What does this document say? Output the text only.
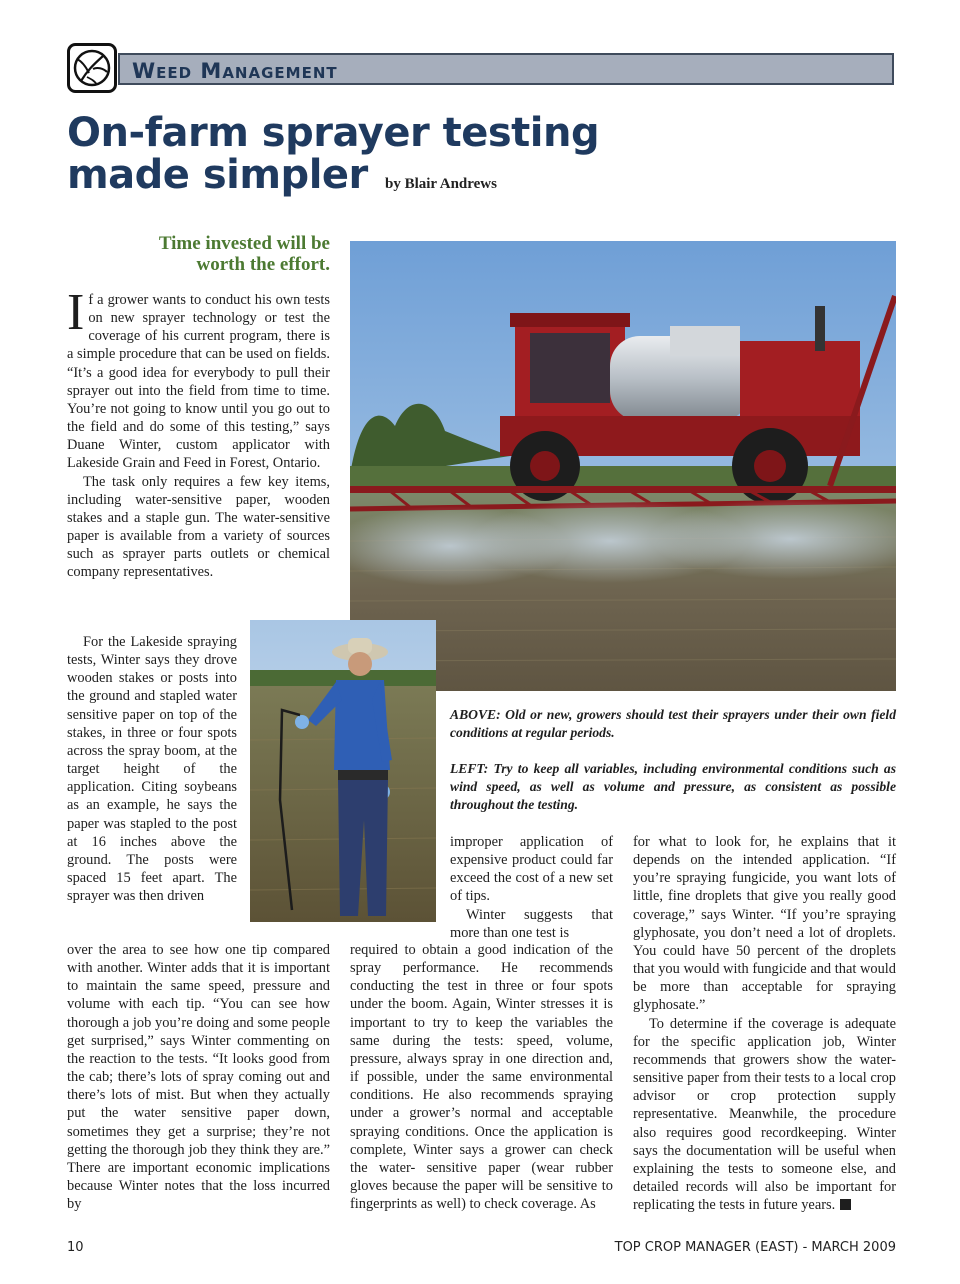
Weed Management
On-farm sprayer testing
made simpler	by Blair Andrews
Time invested will be
worth the effort.

If a grower wants to conduct his own tests on new sprayer technology or test the coverage of his current program, there is a simple procedure that can be used on fields. “It’s a good idea for everybody to pull their sprayer out into the field from time to time. You’re not going to know until you go out to the field and do some of this testing,” says Duane Winter, custom applicator with Lakeside Grain and Feed in Forest, Ontario.

The task only requires a few key items, including water-sensitive paper, wooden stakes and a staple gun. The water-sensitive paper is available from a variety of sources such as sprayer parts outlets or chemical company representatives.

For the Lakeside spraying tests, Winter says they drove wooden stakes or posts into the ground and stapled water sensitive paper on top of the stakes, in three or four spots across the spray boom, at the target height of the application. Citing soybeans as an example, he says the paper was stapled to the post at 16 inches above the ground. The posts were spaced 15 feet apart. The sprayer was then driven

over the area to see how one tip compared with another. Winter adds that it is important to maintain the same speed, pressure and volume with each tip. “You can see how thorough a job you’re doing and some people get surprised,” says Winter commenting on the reaction to the tests. “It looks good from the cab; there’s lots of spray coming out and there’s lots of mist. But when they actually put the water sensitive paper down, sometimes they get a surprise; they’re not getting the thorough job they think they are.” There are important economic implications because Winter notes that the loss incurred by

improper application of expensive product could far exceed the cost of a new set of tips.

Winter suggests that more than one test is

required to obtain a good indication of the spray performance. He recommends conducting the test in three or four spots under the boom. Again, Winter stresses it is important to try to keep the variables the same during the tests: speed, volume, pressure, always spray in one direction and, if possible, under the same environmental conditions. He also recommends spraying under a grower’s normal and acceptable spraying conditions. Once the application is complete, Winter says a grower can check the water- sensitive paper (wear rubber gloves because the paper will be sensitive to fingerprints as well) to check coverage. As

for what to look for, he explains that it depends on the intended application. “If you’re spraying fungicide, you want lots of little, fine droplets that give you really good coverage,” says Winter. “If you’re spraying glyphosate, you don’t need a lot of droplets. You could have 50 percent of the droplets that you would with fungicide and that would be more than acceptable for spraying glyphosate.”

To determine if the coverage is adequate for the specific application job, Winter recommends that growers show the water-sensitive paper from their tests to a local crop advisor or crop protection supply representative. Meanwhile, the procedure also requires good recordkeeping. Winter says the documentation will be useful when explaining the tests to someone else, and detailed records will also be important for replicating the tests in future years.

ABOVE: Old or new, growers should test their sprayers under their own field conditions at regular periods.

LEFT: Try to keep all variables, including environmental conditions such as wind speed, as well as volume and pressure, as consistent as possible throughout the testing.

10	TOP CROP MANAGER (EAST) - MARCH 2009
